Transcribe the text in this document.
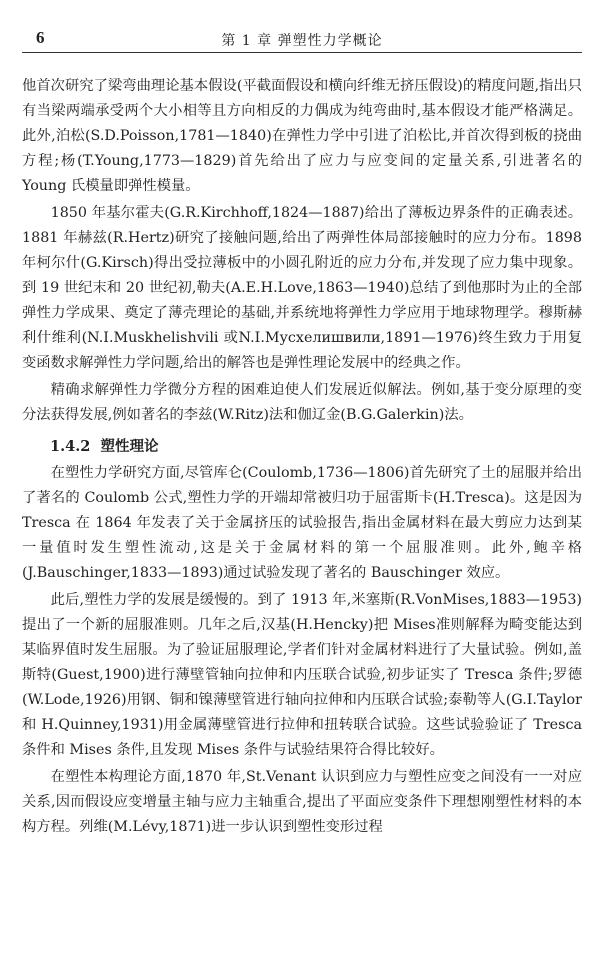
6	第 1 章 弹塑性力学概论

他首次研究了梁弯曲理论基本假设(平截面假设和横向纤维无挤压假设)的精度问题,指出只有当梁两端承受两个大小相等且方向相反的力偶成为纯弯曲时,基本假设才能严格满足。此外,泊松(S.D.Poisson,1781—1840)在弹性力学中引进了泊松比,并首次得到板的挠曲方程;杨(T.Young,1773—1829)首先给出了应力与应变间的定量关系,引进著名的 Young 氏模量即弹性模量。

1850 年基尔霍夫(G.R.Kirchhoff,1824—1887)给出了薄板边界条件的正确表述。1881 年赫兹(R.Hertz)研究了接触问题,给出了两弹性体局部接触时的应力分布。1898 年柯尔什(G.Kirsch)得出受拉薄板中的小圆孔附近的应力分布,并发现了应力集中现象。到 19 世纪末和 20 世纪初,勒夫(A.E.H.Love,1863—1940)总结了到他那时为止的全部弹性力学成果、奠定了薄壳理论的基础,并系统地将弹性力学应用于地球物理学。穆斯赫利什维利(N.I.Muskhelishvili 或N.I.Мусхелишвили,1891—1976)终生致力于用复变函数求解弹性力学问题,给出的解答也是弹性理论发展中的经典之作。

精确求解弹性力学微分方程的困难迫使人们发展近似解法。例如,基于变分原理的变分法获得发展,例如著名的李兹(W.Ritz)法和伽辽金(B.G.Galerkin)法。

1.4.2 塑性理论

在塑性力学研究方面,尽管库仑(Coulomb,1736—1806)首先研究了土的屈服并给出了著名的 Coulomb 公式,塑性力学的开端却常被归功于屈雷斯卡(H.Tresca)。这是因为 Tresca 在 1864 年发表了关于金属挤压的试验报告,指出金属材料在最大剪应力达到某一量值时发生塑性流动,这是关于金属材料的第一个屈服准则。此外,鲍辛格(J.Bauschinger,1833—1893)通过试验发现了著名的 Bauschinger 效应。

此后,塑性力学的发展是缓慢的。到了 1913 年,米塞斯(R.VonMises,1883—1953)提出了一个新的屈服准则。几年之后,汉基(H.Hencky)把 Mises准则解释为畸变能达到某临界值时发生屈服。为了验证屈服理论,学者们针对金属材料进行了大量试验。例如,盖斯特(Guest,1900)进行薄壁管轴向拉伸和内压联合试验,初步证实了 Tresca 条件;罗德(W.Lode,1926)用钢、铜和镍薄壁管进行轴向拉伸和内压联合试验;泰勒等人(G.I.Taylor 和 H.Quinney,1931)用金属薄壁管进行拉伸和扭转联合试验。这些试验验证了 Tresca 条件和 Mises 条件,且发现 Mises 条件与试验结果符合得比较好。

在塑性本构理论方面,1870 年,St.Venant 认识到应力与塑性应变之间没有一一对应关系,因而假设应变增量主轴与应力主轴重合,提出了平面应变条件下理想刚塑性材料的本构方程。列维(M.Lévy,1871)进一步认识到塑性变形过程
